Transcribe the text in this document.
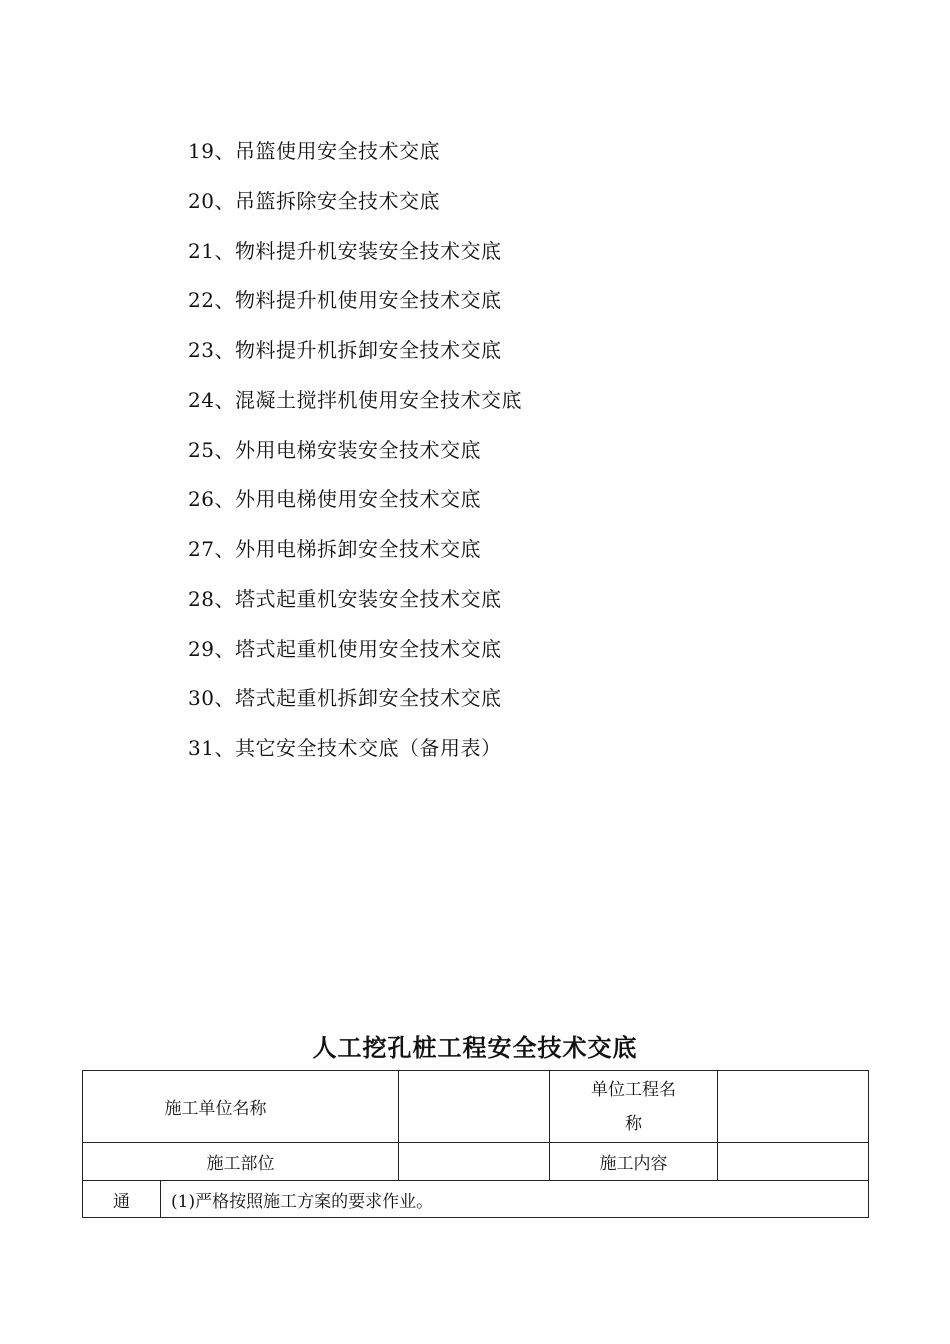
19、吊篮使用安全技术交底
20、吊篮拆除安全技术交底
21、物料提升机安装安全技术交底
22、物料提升机使用安全技术交底
23、物料提升机拆卸安全技术交底
24、混凝土搅拌机使用安全技术交底
25、外用电梯安装安全技术交底
26、外用电梯使用安全技术交底
27、外用电梯拆卸安全技术交底
28、塔式起重机安装安全技术交底
29、塔式起重机使用安全技术交底
30、塔式起重机拆卸安全技术交底
31、其它安全技术交底（备用表）
人工挖孔桩工程安全技术交底
施工单位名称			单位工程名
称	

施工部位			施工内容	
通	(1)严格按照施工方案的要求作业。			
